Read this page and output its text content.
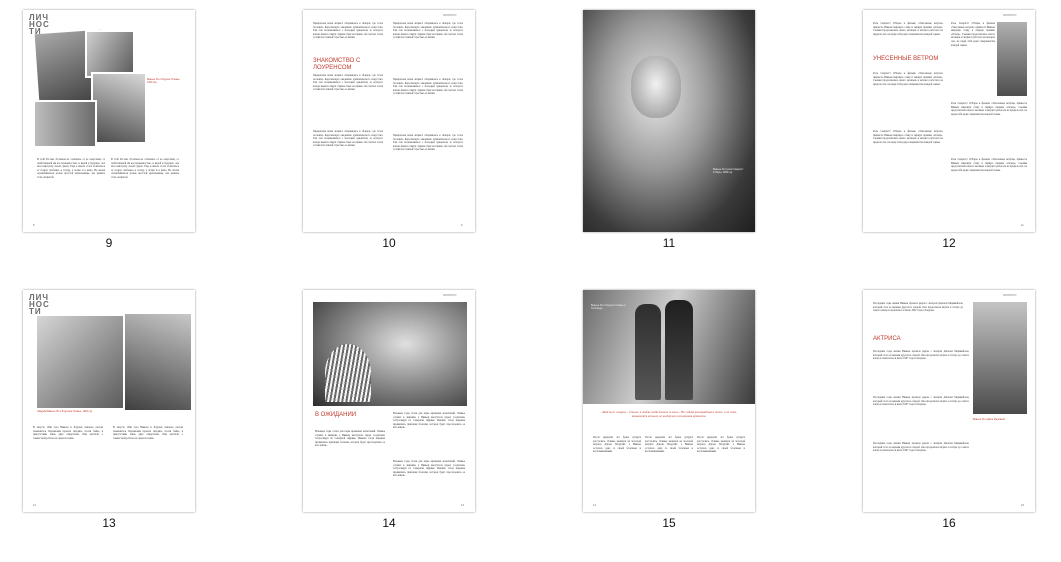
ЛИЧ
НОС
ТИ
Вивьен Ли и Лоуренс Оливье, 1940 год
В этой России. И ничем не отличаясь от ее сверстниц, со свойственной им восторженностью, и верой в будущее, она шла навстречу своей судьбе. Еще в школе стала отличаться от подруг любовью к театру, а позже и к кино. Не желая ограничиваться ролью простой зрительницы, она решила стать актрисой.
В этой России. И ничем не отличаясь от ее сверстниц, со свойственной им восторженностью, и верой в будущее, она шла навстречу своей судьбе. Еще в школе стала отличаться от подруг любовью к театру, а позже и к кино. Не желая ограничиваться ролью простой зрительницы, она решила стать актрисой.
8
9
ЛИЧНОСТИ
Прекрасная юная актриса отправилась в Лондон, где стала посещать Королевскую академию драматического искусства. Там она познакомилась с молодым адвокатом, за которого вскоре вышла замуж. Однако брак не принес ей счастья: театр оставался главной страстью ее жизни.
ЗНАКОМСТВО С ЛОУРЕНСОМ
Прекрасная юная актриса отправилась в Лондон, где стала посещать Королевскую академию драматического искусства. Там она познакомилась с молодым адвокатом, за которого вскоре вышла замуж. Однако брак не принес ей счастья: театр оставался главной страстью ее жизни.
Прекрасная юная актриса отправилась в Лондон, где стала посещать Королевскую академию драматического искусства. Там она познакомилась с молодым адвокатом, за которого вскоре вышла замуж. Однако брак не принес ей счастья: театр оставался главной страстью ее жизни.
Прекрасная юная актриса отправилась в Лондон, где стала посещать Королевскую академию драматического искусства. Там она познакомилась с молодым адвокатом, за которого вскоре вышла замуж. Однако брак не принес ей счастья: театр оставался главной страстью ее жизни.
Прекрасная юная актриса отправилась в Лондон, где стала посещать Королевскую академию драматического искусства. Там она познакомилась с молодым адвокатом, за которого вскоре вышла замуж. Однако брак не принес ей счастья: театр оставался главной страстью ее жизни.
Прекрасная юная актриса отправилась в Лондон, где стала посещать Королевскую академию драматического искусства. Там она познакомилась с молодым адвокатом, за которого вскоре вышла замуж. Однако брак не принес ей счастья: театр оставался главной страстью ее жизни.
9
10
Вивьен Ли в роли Скарлетт О'Хары, 1939 год
11
ЛИЧНОСТИ
Роль Скарлетт О'Хары в фильме «Унесенные ветром» принесла Вивьен мировую славу и первую премию «Оскар». Съемки продолжались много месяцев, и актриса работала на пределе сил, не щадя себя ради совершенства каждой сцены.
УНЕСЕННЫЕ ВЕТРОМ
Роль Скарлетт О'Хары в фильме «Унесенные ветром» принесла Вивьен мировую славу и первую премию «Оскар». Съемки продолжались много месяцев, и актриса работала на пределе сил, не щадя себя ради совершенства каждой сцены.
Роль Скарлетт О'Хары в фильме «Унесенные ветром» принесла Вивьен мировую славу и первую премию «Оскар». Съемки продолжались много месяцев, и актриса работала на пределе сил, не щадя себя ради совершенства каждой сцены.
Роль Скарлетт О'Хары в фильме «Унесенные ветром» принесла Вивьен мировую славу и первую премию «Оскар». Съемки продолжались много месяцев, и актриса работала на пределе сил, не щадя себя ради совершенства каждой сцены.
Роль Скарлетт О'Хары в фильме «Унесенные ветром» принесла Вивьен мировую славу и первую премию «Оскар». Съемки продолжались много месяцев, и актриса работала на пределе сил, не щадя себя ради совершенства каждой сцены.
Роль Скарлетт О'Хары в фильме «Унесенные ветром» принесла Вивьен мировую славу и первую премию «Оскар». Съемки продолжались много месяцев, и актриса работала на пределе сил, не щадя себя ради совершенства каждой сцены.
11
12
ЛИЧ
НОС
ТИ
Свадьба Вивьен Ли и Лоуренса Оливье, 1940 год
В августе 1940 года Вивьен и Лоуренс наконец смогли пожениться. Церемония прошла скромно, почти тайно, в присутствии лишь двух свидетелей. Они мечтали о совместной работе на сцене и в кино.
В августе 1940 года Вивьен и Лоуренс наконец смогли пожениться. Церемония прошла скромно, почти тайно, в присутствии лишь двух свидетелей. Они мечтали о совместной работе на сцене и в кино.
12
13
ЛИЧНОСТИ
В ОЖИДАНИИ
Военные годы стали для пары временем испытаний. Оливье служил в авиации, а Вивьен выступала перед солдатами, гастролируя по Северной Африке. Именно тогда впервые проявились признаки болезни, которая будет преследовать ее всю жизнь.
Военные годы стали для пары временем испытаний. Оливье служил в авиации, а Вивьен выступала перед солдатами, гастролируя по Северной Африке. Именно тогда впервые проявились признаки болезни, которая будет преследовать ее всю жизнь.
Военные годы стали для пары временем испытаний. Оливье служил в авиации, а Вивьен выступала перед солдатами, гастролируя по Северной Африке. Именно тогда впервые проявились признаки болезни, которая будет преследовать ее всю жизнь.
13
14
Вивьен Ли и Лоуренс Оливье в Голливуде
«Мой муж говорил – Оливье, я люблю тебя больше жизни». Но судьба распорядилась иначе, и их союз, казавшийся вечным, не выдержал испытания временем.
После двадцати лет брака супруги расстались. Оливье женился на молодой актрисе Джоан Плоурайт, а Вивьен осталась одна со своей болезнью и воспоминаниями.
После двадцати лет брака супруги расстались. Оливье женился на молодой актрисе Джоан Плоурайт, а Вивьен осталась одна со своей болезнью и воспоминаниями.
После двадцати лет брака супруги расстались. Оливье женился на молодой актрисе Джоан Плоурайт, а Вивьен осталась одна со своей болезнью и воспоминаниями.
14
15
ЛИЧНОСТИ
Последние годы жизни Вивьен провела рядом с актером Джоном Меривейлом, который стал ее верным другом и опорой. Она продолжала играть в театре до самого конца и скончалась в июле 1967 года в Лондоне.
АКТРИСА
Последние годы жизни Вивьен провела рядом с актером Джоном Меривейлом, который стал ее верным другом и опорой. Она продолжала играть в театре до самого конца и скончалась в июле 1967 года в Лондоне.
Последние годы жизни Вивьен провела рядом с актером Джоном Меривейлом, который стал ее верным другом и опорой. Она продолжала играть в театре до самого конца и скончалась в июле 1967 года в Лондоне.
Последние годы жизни Вивьен провела рядом с актером Джоном Меривейлом, который стал ее верным другом и опорой. Она продолжала играть в театре до самого конца и скончалась в июле 1967 года в Лондоне.
Вивьен Ли и Джон Меривейл
15
16
